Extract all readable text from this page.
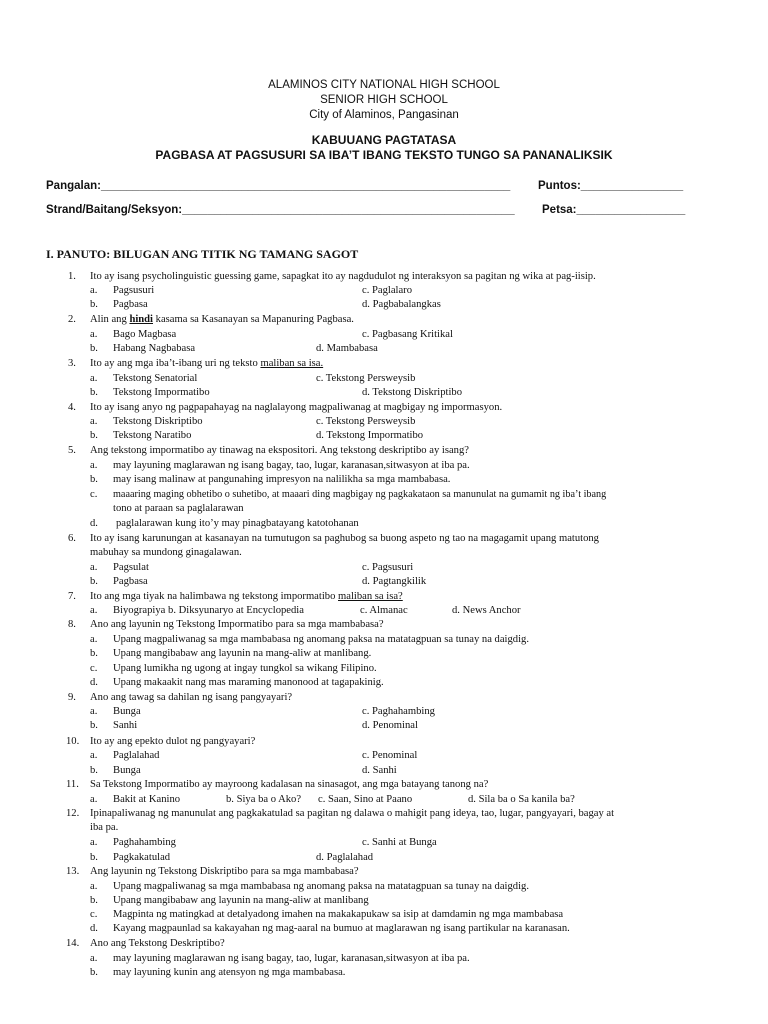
ALAMINOS CITY NATIONAL HIGH SCHOOL
SENIOR HIGH SCHOOL
City of Alaminos, Pangasinan
KABUUANG PAGTATASA
PAGBASA AT PAGSUSURI SA IBA’T IBANG TEKSTO TUNGO SA PANANALIKSIK
Pangalan:________________________________________________________________ Puntos:________________
Strand/Baitang/Seksyon:____________________________________________________ Petsa:_________________
I. PANUTO: BILUGAN ANG TITIK NG TAMANG SAGOT
1. Ito ay isang psycholinguistic guessing game, sapagkat ito ay nagdudulot ng interaksyon sa pagitan ng wika at pag-iisip.
a. Pagsusuri	c. Paglalaro
b. Pagbasa	d. Pagbabalangkas
2. Alin ang hindi kasama sa Kasanayan sa Mapanuring Pagbasa.
a. Bago Magbasa	c. Pagbasang Kritikal
b. Habang Nagbabasa	d. Mambabasa
3. Ito ay ang mga iba’t-ibang uri ng teksto maliban sa isa.
a. Tekstong Senatorial	c. Tekstong Persweysib
b. Tekstong Impormatibo	d. Tekstong Diskriptibo
4. Ito ay isang anyo ng pagpapahayag na naglalayong magpaliwanag at magbigay ng impormasyon.
a. Tekstong Diskriptibo	c. Tekstong Persweysib
b. Tekstong Naratibo	d. Tekstong Impormatibo
5. Ang tekstong impormatibo ay tinawag na ekspositori. Ang tekstong deskriptibo ay isang?
a. may layuning maglarawan ng isang bagay, tao, lugar, karanasan,sitwasyon at iba pa.
b. may isang malinaw at pangunahing impresyon na nalilikha sa mga mambabasa.
c. maaaring maging obhetibo o suhetibo, at maaari ding magbigay ng pagkakataon sa manunulat na gumamit ng iba’t ibang
tono at paraan sa paglalarawan
d. paglalarawan kung ito’y may pinagbatayang katotohanan
6. Ito ay isang karunungan at kasanayan na tumutugon sa paghubog sa buong aspeto ng tao na magagamit upang matutong
mabuhay sa mundong ginagalawan.
a. Pagsulat	c. Pagsusuri
b. Pagbasa	d. Pagtangkilik
7. Ito ang mga tiyak na halimbawa ng tekstong impormatibo maliban sa isa?
a. Biyograpiya b. Diksyunaryo at Encyclopedia	c. Almanac	d. News Anchor
8. Ano ang layunin ng Tekstong Impormatibo para sa mga mambabasa?
a. Upang magpaliwanag sa mga mambabasa ng anomang paksa na matatagpuan sa tunay na daigdig.
b. Upang mangibabaw ang layunin na mang-aliw at manlibang.
c. Upang lumikha ng ugong at ingay tungkol sa wikang Filipino.
d. Upang makaakit nang mas maraming manonood at tagapakinig.
9. Ano ang tawag sa dahilan ng isang pangyayari?
a. Bunga	c. Paghahambing
b. Sanhi	d. Penominal
10. Ito ay ang epekto dulot ng pangyayari?
a. Paglalahad	c. Penominal
b. Bunga	d. Sanhi
11. Sa Tekstong Impormatibo ay mayroong kadalasan na sinasagot, ang mga batayang tanong na?
a. Bakit at Kanino	b. Siya ba o Ako? c. Saan, Sino at Paano	d. Sila ba o Sa kanila ba?
12. Ipinapaliwanag ng manunulat ang pagkakatulad sa pagitan ng dalawa o mahigit pang ideya, tao, lugar, pangyayari, bagay at
iba pa.
a. Paghahambing	c. Sanhi at Bunga
b. Pagkakatulad	d. Paglalahad
13. Ang layunin ng Tekstong Diskriptibo para sa mga mambabasa?
a. Upang magpaliwanag sa mga mambabasa ng anomang paksa na matatagpuan sa tunay na daigdig.
b. Upang mangibabaw ang layunin na mang-aliw at manlibang
c. Magpinta ng matingkad at detalyadong imahen na makakapukaw sa isip at damdamin ng mga mambabasa
d. Kayang magpaunlad sa kakayahan ng mag-aaral na bumuo at maglarawan ng isang partikular na karanasan.
14. Ano ang Tekstong Deskriptibo?
a. may layuning maglarawan ng isang bagay, tao, lugar, karanasan,sitwasyon at iba pa.
b. may layuning kunin ang atensyon ng mga mambabasa.
